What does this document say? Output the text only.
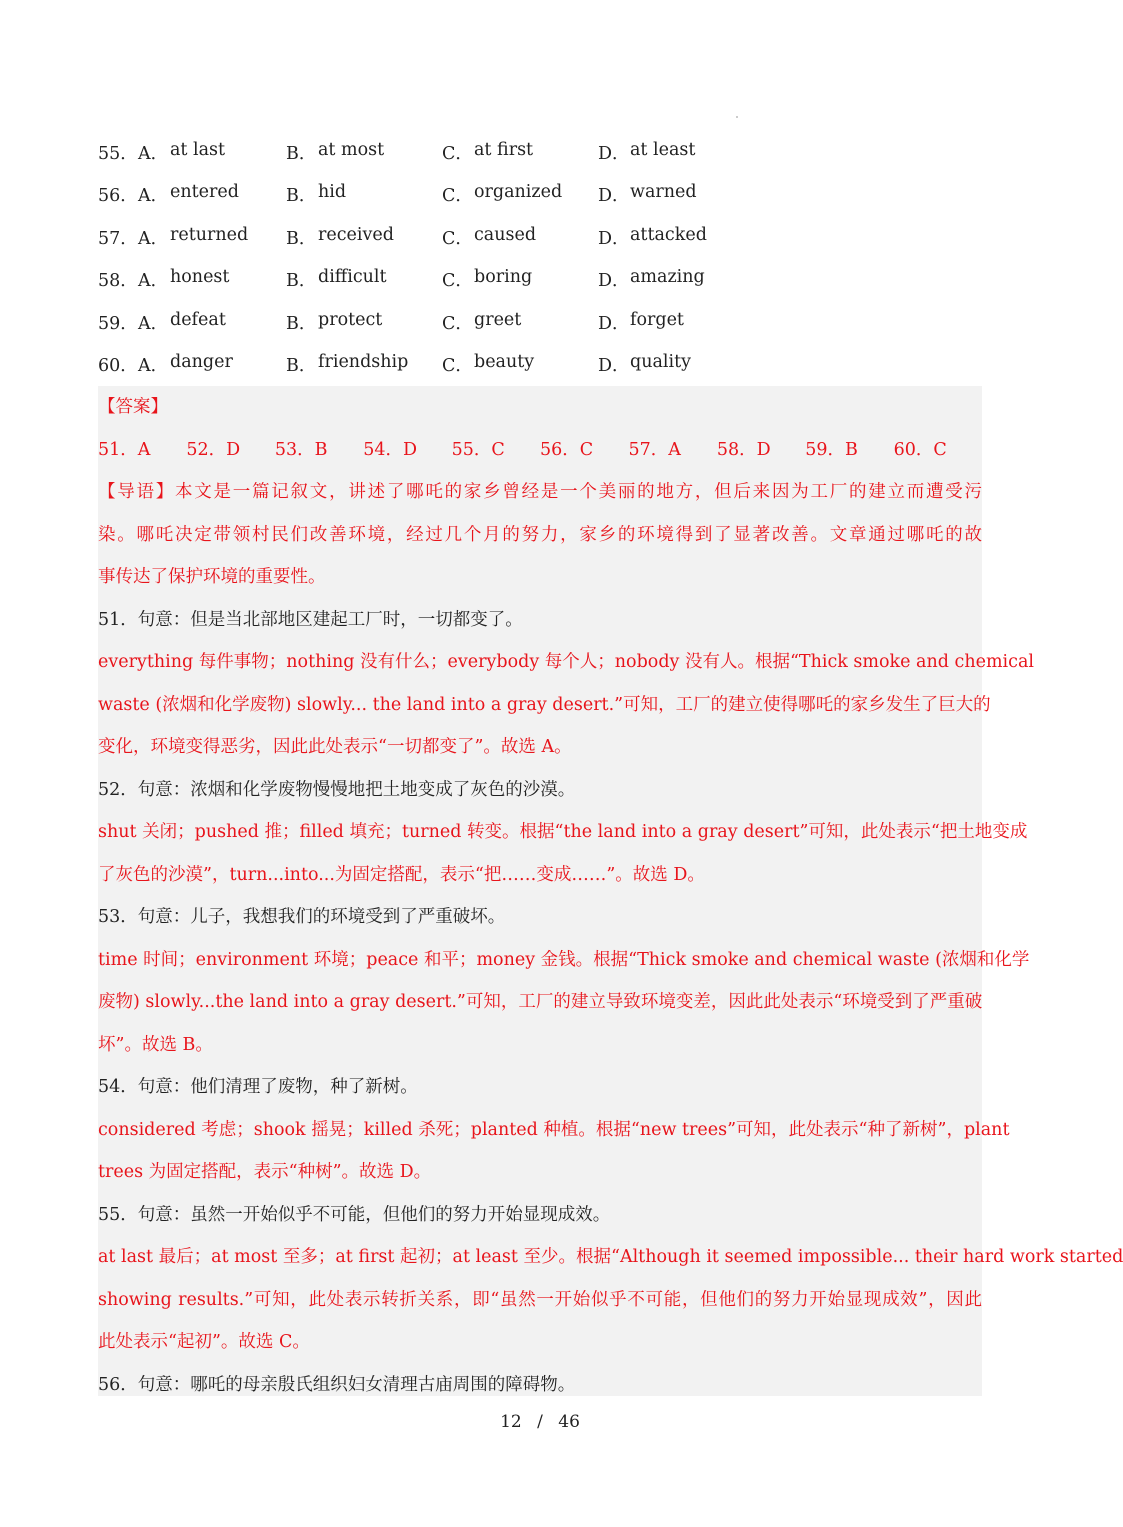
55． A． at last	B． at most	C． at first	D． at least
56． A． entered	B． hid	C． organized D． warned
57． A． returned B． received	C． caused	D． attacked
58． A． honest	B． difficult	C． boring	D． amazing
59． A． defeat	B． protect	C． greet	D． forget
60． A． danger	B． friendship C． beauty	D． quality
【答案】
51．A	52．D	53．B	54．D	55．C	56．C	57．A	58．D	59．B	60．C
【导语】本文是一篇记叙文，讲述了哪吒的家乡曾经是一个美丽的地方，但后来因为工厂的建立而遭受污
染。哪吒决定带领村民们改善环境，经过几个月的努力，家乡的环境得到了显著改善。文章通过哪吒的故
事传达了保护环境的重要性。
51．句意：但是当北部地区建起工厂时，一切都变了。
everything 每件事物；nothing 没有什么；everybody 每个人；nobody 没有人。根据“Thick smoke and chemical
waste (浓烟和化学废物) slowly... the land into a gray desert.”可知，工厂的建立使得哪吒的家乡发生了巨大的
变化，环境变得恶劣，因此此处表示“一切都变了”。故选 A。
52．句意：浓烟和化学废物慢慢地把土地变成了灰色的沙漠。
shut 关闭；pushed 推；filled 填充；turned 转变。根据“the land into a gray desert”可知，此处表示“把土地变成
了灰色的沙漠”，turn...into...为固定搭配，表示“把……变成……”。故选 D。
53．句意：儿子，我想我们的环境受到了严重破坏。
time 时间；environment 环境；peace 和平；money 金钱。根据“Thick smoke and chemical waste (浓烟和化学
废物) slowly...the land into a gray desert.”可知，工厂的建立导致环境变差，因此此处表示“环境受到了严重破
坏”。故选 B。
54．句意：他们清理了废物，种了新树。
considered 考虑；shook 摇晃；killed 杀死；planted 种植。根据“new trees”可知，此处表示“种了新树”，plant
trees 为固定搭配，表示“种树”。故选 D。
55．句意：虽然一开始似乎不可能，但他们的努力开始显现成效。
at last 最后；at most 至多；at first 起初；at least 至少。根据“Although it seemed impossible... their hard work started
showing results.”可知，此处表示转折关系，即“虽然一开始似乎不可能，但他们的努力开始显现成效”，因此
此处表示“起初”。故选 C。
56．句意：哪吒的母亲殷氏组织妇女清理古庙周围的障碍物。
12 / 46
